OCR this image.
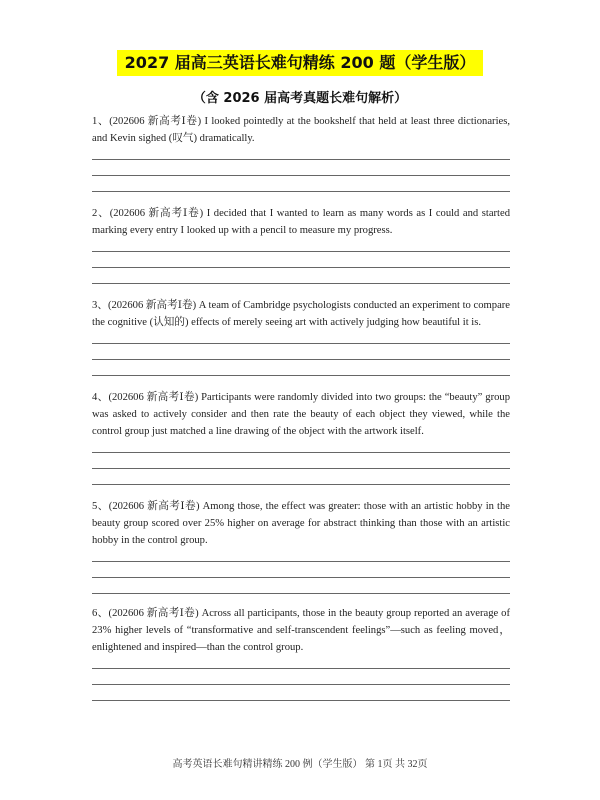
2027 届高三英语长难句精练 200 题（学生版）
（含 2026 届高考真题长难句解析）

1、(202606 新高考Ⅰ卷) I looked pointedly at the bookshelf that held at least three dictionaries, and Kevin sighed (叹气) dramatically.

2、(202606 新高考Ⅰ卷) I decided that I wanted to learn as many words as I could and started marking every entry I looked up with a pencil to measure my progress.

3、(202606 新高考Ⅰ卷) A team of Cambridge psychologists conducted an experiment to compare the cognitive (认知的) effects of merely seeing art with actively judging how beautiful it is.

4、(202606 新高考Ⅰ卷) Participants were randomly divided into two groups: the “beauty” group was asked to actively consider and then rate the beauty of each object they viewed, while the control group just matched a line drawing of the object with the artwork itself.

5、(202606 新高考Ⅰ卷) Among those, the effect was greater: those with an artistic hobby in the beauty group scored over 25% higher on average for abstract thinking than those with an artistic hobby in the control group.

6、(202606 新高考Ⅰ卷) Across all participants, those in the beauty group reported an average of 23% higher levels of “transformative and self-transcendent feelings”—such as feeling moved，enlightened and inspired—than the control group.

高考英语长难句精讲精练 200 例（学生版） 第 1页 共 32页
